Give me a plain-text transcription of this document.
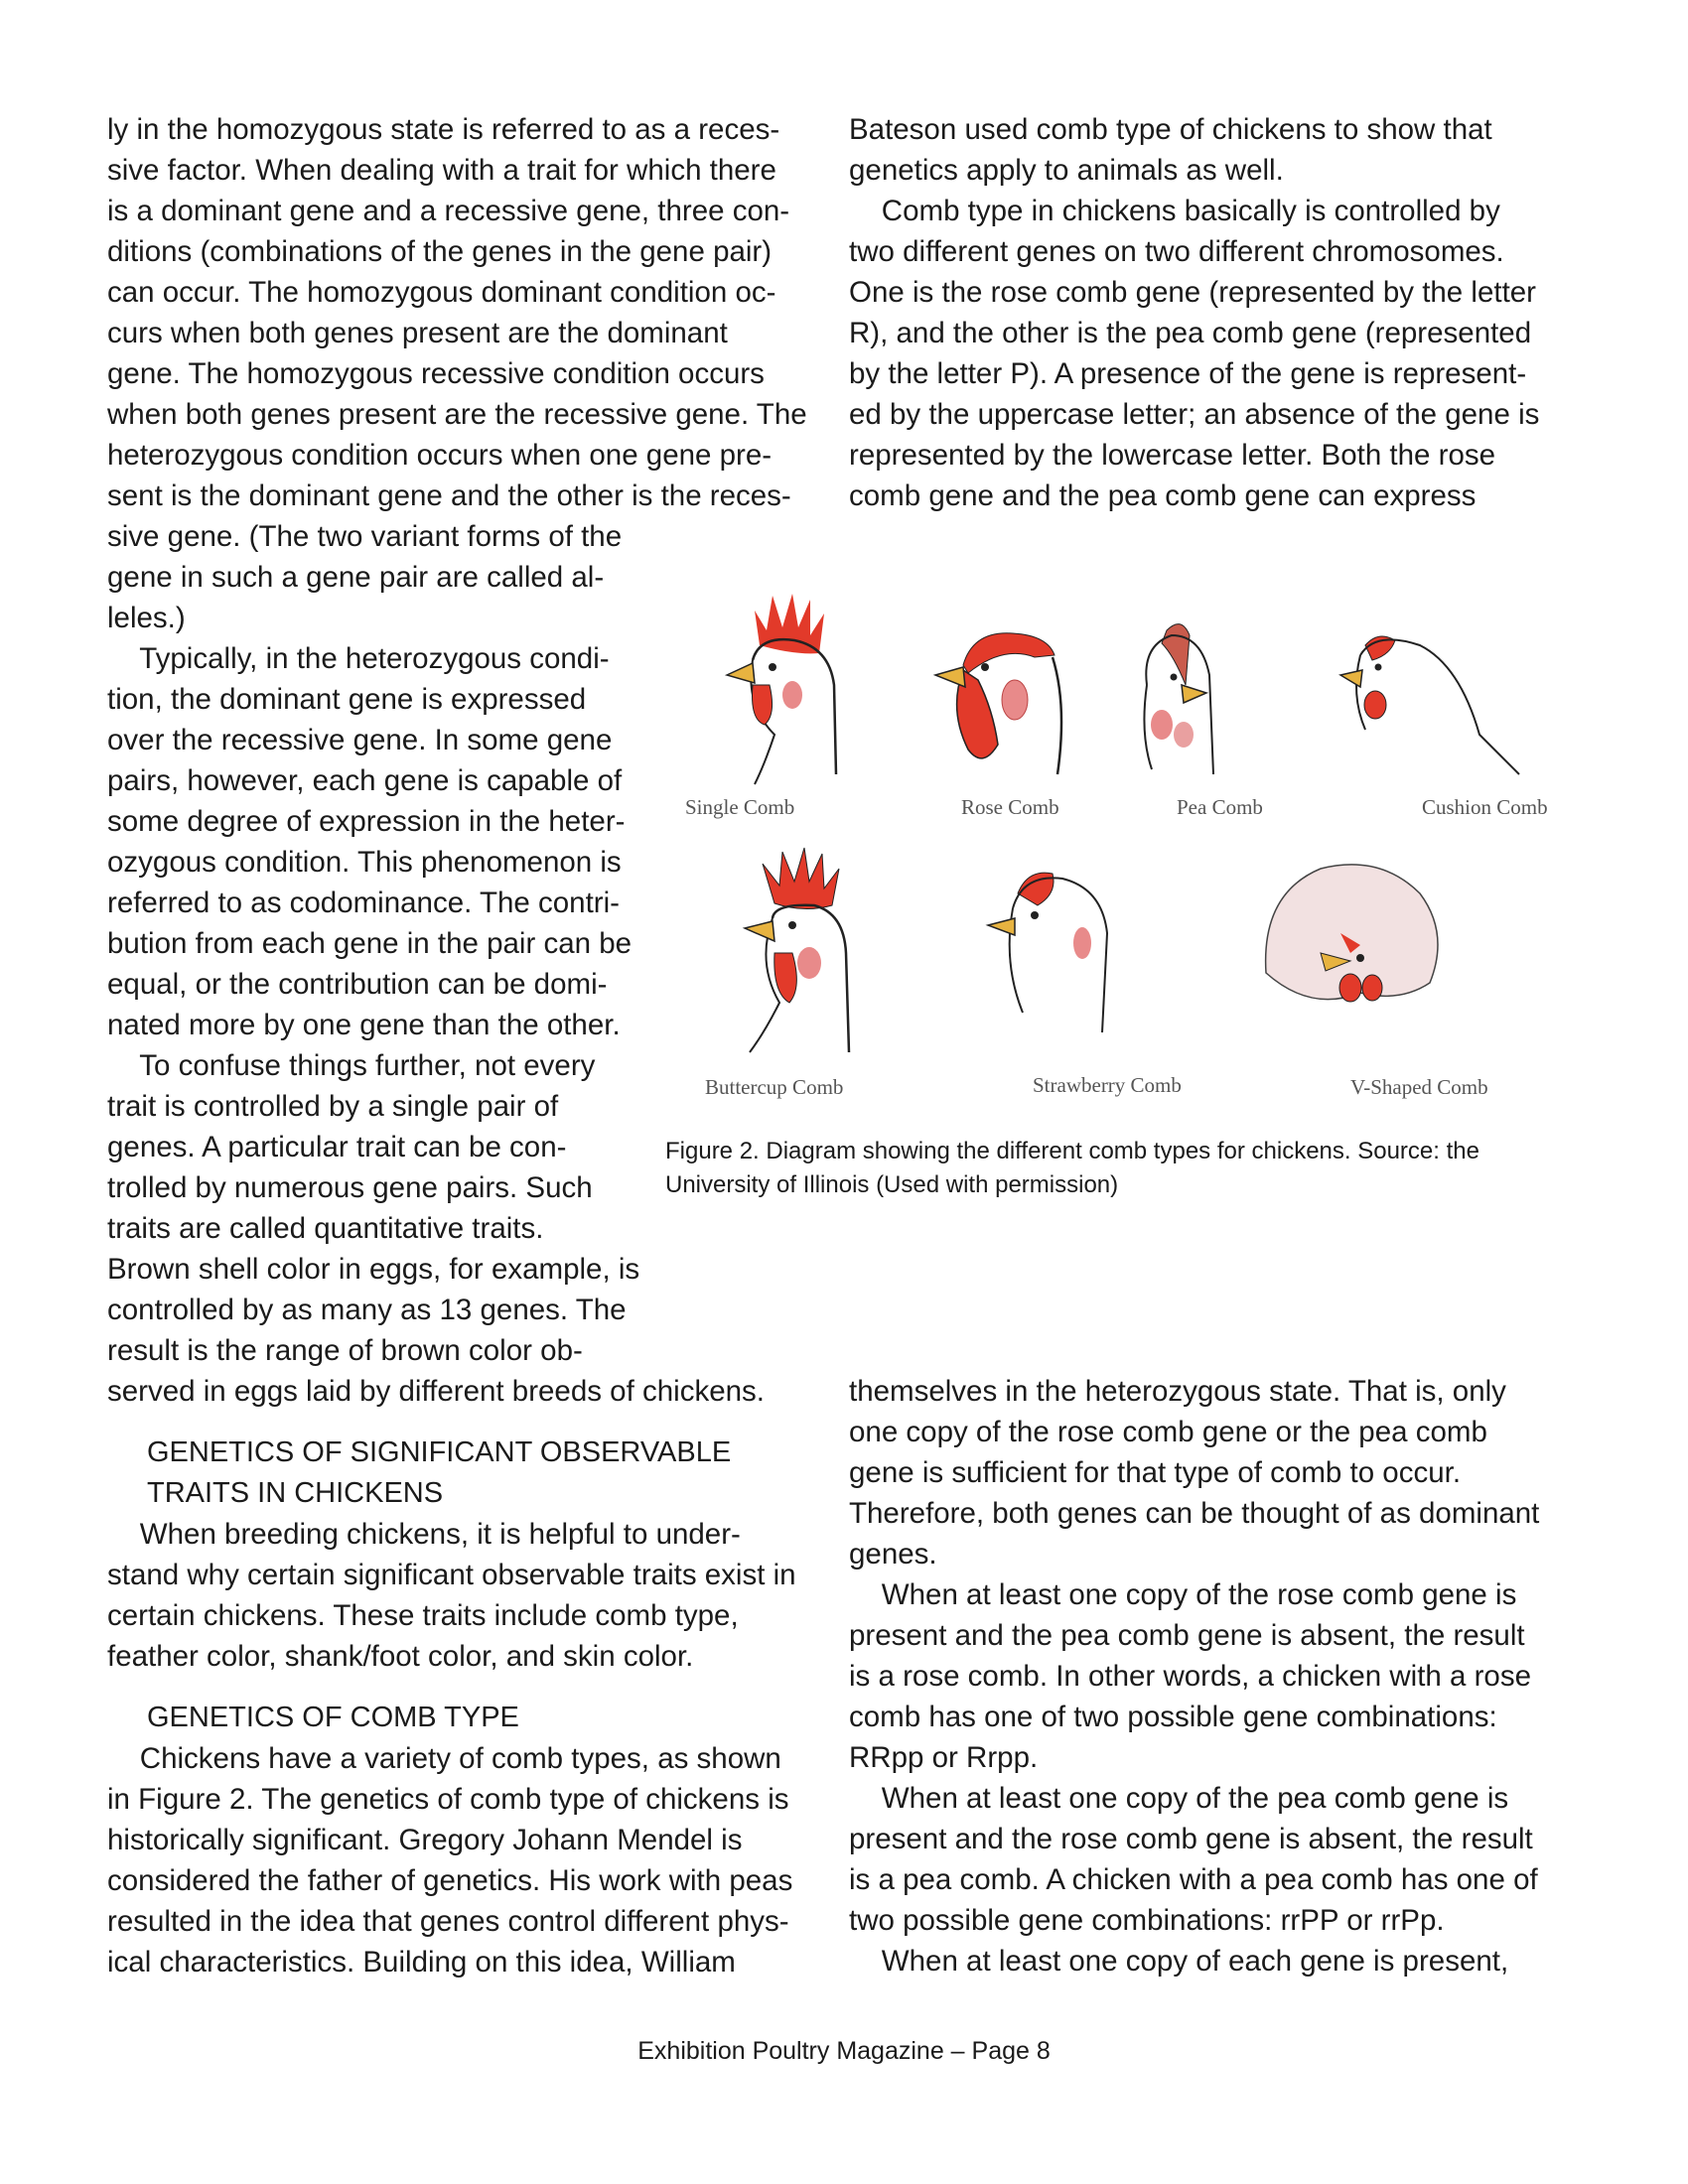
ly in the homozygous state is referred to as a reces-
sive factor. When dealing with a trait for which there
is a dominant gene and a recessive gene, three con-
ditions (combinations of the genes in the gene pair)
can occur. The homozygous dominant condition oc-
curs when both genes present are the dominant
gene. The homozygous recessive condition occurs
when both genes present are the recessive gene. The
heterozygous condition occurs when one gene pre-
sent is the dominant gene and the other is the reces-
sive gene. (The two variant forms of the
gene in such a gene pair are called al-
leles.)
Typically, in the heterozygous condi-
tion, the dominant gene is expressed
over the recessive gene. In some gene
pairs, however, each gene is capable of
some degree of expression in the heter-
ozygous condition. This phenomenon is
referred to as codominance. The contri-
bution from each gene in the pair can be
equal, or the contribution can be domi-
nated more by one gene than the other.
To confuse things further, not every
trait is controlled by a single pair of
genes. A particular trait can be con-
trolled by numerous gene pairs. Such
traits are called quantitative traits.
Brown shell color in eggs, for example, is
controlled by as many as 13 genes. The
result is the range of brown color ob-
served in eggs laid by different breeds of chickens.
GENETICS OF SIGNIFICANT OBSERVABLE
TRAITS IN CHICKENS
When breeding chickens, it is helpful to under-
stand why certain significant observable traits exist in
certain chickens. These traits include comb type,
feather color, shank/foot color, and skin color.
GENETICS OF COMB TYPE
Chickens have a variety of comb types, as shown
in Figure 2. The genetics of comb type of chickens is
historically significant. Gregory Johann Mendel is
considered the father of genetics. His work with peas
resulted in the idea that genes control different phys-
ical characteristics. Building on this idea, William
Bateson used comb type of chickens to show that
genetics apply to animals as well.
Comb type in chickens basically is controlled by
two different genes on two different chromosomes.
One is the rose comb gene (represented by the letter
R), and the other is the pea comb gene (represented
by the letter P). A presence of the gene is represent-
ed by the uppercase letter; an absence of the gene is
represented by the lowercase letter. Both the rose
comb gene and the pea comb gene can express
Single Comb	Rose Comb	Pea Comb	Cushion Comb
Buttercup Comb	Strawberry Comb	V-Shaped Comb
Figure 2. Diagram showing the different comb types for chickens. Source: the
University of Illinois (Used with permission)
themselves in the heterozygous state. That is, only
one copy of the rose comb gene or the pea comb
gene is sufficient for that type of comb to occur.
Therefore, both genes can be thought of as dominant
genes.
When at least one copy of the rose comb gene is
present and the pea comb gene is absent, the result
is a rose comb. In other words, a chicken with a rose
comb has one of two possible gene combinations:
RRpp or Rrpp.
When at least one copy of the pea comb gene is
present and the rose comb gene is absent, the result
is a pea comb. A chicken with a pea comb has one of
two possible gene combinations: rrPP or rrPp.
When at least one copy of each gene is present,
Exhibition Poultry Magazine – Page 8
